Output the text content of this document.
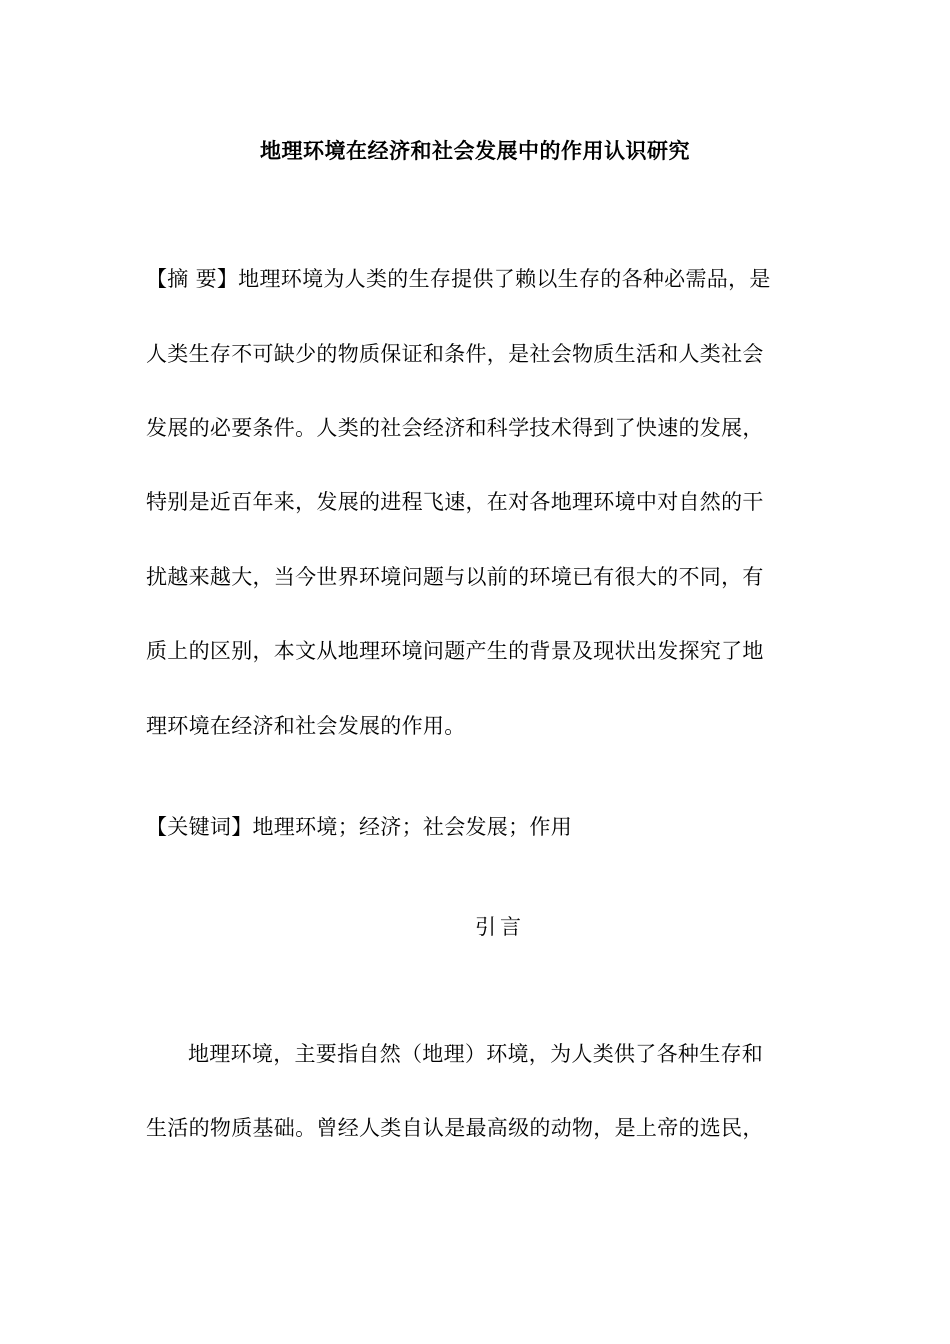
地理环境在经济和社会发展中的作用认识研究
【摘 要】地理环境为人类的生存提供了赖以生存的各种必需品，是
人类生存不可缺少的物质保证和条件，是社会物质生活和人类社会
发展的必要条件。人类的社会经济和科学技术得到了快速的发展，
特别是近百年来，发展的进程飞速，在对各地理环境中对自然的干
扰越来越大，当今世界环境问题与以前的环境已有很大的不同，有
质上的区别，本文从地理环境问题产生的背景及现状出发探究了地
理环境在经济和社会发展的作用。
【关键词】地理环境；经济；社会发展；作用
引言
地理环境，主要指自然（地理）环境，为人类供了各种生存和
生活的物质基础。曾经人类自认是最高级的动物，是上帝的选民，
